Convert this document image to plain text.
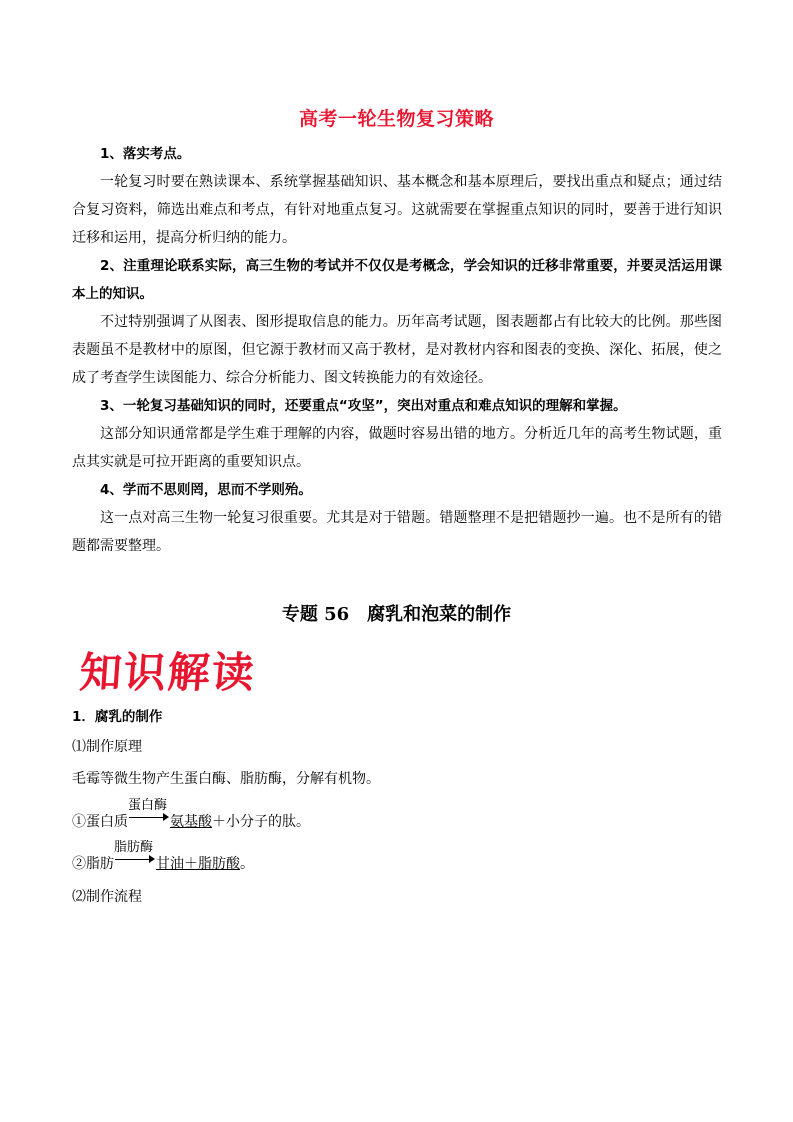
高考一轮生物复习策略

1、落实考点。

一轮复习时要在熟读课本、系统掌握基础知识、基本概念和基本原理后，要找出重点和疑点；通过结合复习资料，筛选出难点和考点，有针对地重点复习。这就需要在掌握重点知识的同时，要善于进行知识迁移和运用，提高分析归纳的能力。

2、注重理论联系实际，高三生物的考试并不仅仅是考概念，学会知识的迁移非常重要，并要灵活运用课本上的知识。

不过特别强调了从图表、图形提取信息的能力。历年高考试题，图表题都占有比较大的比例。那些图表题虽不是教材中的原图，但它源于教材而又高于教材，是对教材内容和图表的变换、深化、拓展，使之成了考查学生读图能力、综合分析能力、图文转换能力的有效途径。

3、一轮复习基础知识的同时，还要重点“攻坚”，突出对重点和难点知识的理解和掌握。

这部分知识通常都是学生难于理解的内容，做题时容易出错的地方。分析近几年的高考生物试题，重点其实就是可拉开距离的重要知识点。

4、学而不思则罔，思而不学则殆。

这一点对高三生物一轮复习很重要。尤其是对于错题。错题整理不是把错题抄一遍。也不是所有的错题都需要整理。

专题 56 腐乳和泡菜的制作
知识解读
1．腐乳的制作
⑴制作原理
毛霉等微生物产生蛋白酶、脂肪酶，分解有机物。
①蛋白质
蛋白酶
氨基酸＋小分子的肽。
②脂肪
脂肪酶
甘油＋脂肪酸。
⑵制作流程
